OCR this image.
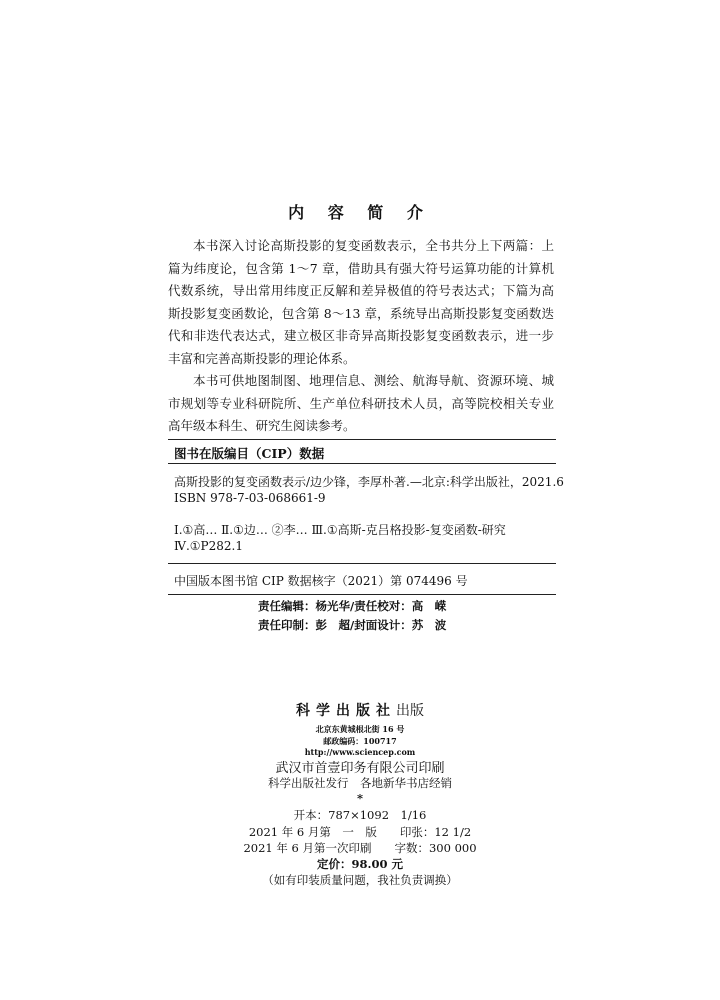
内 容 简 介

本书深入讨论高斯投影的复变函数表示，全书共分上下两篇：上篇为纬度论，包含第 1～7 章，借助具有强大符号运算功能的计算机代数系统，导出常用纬度正反解和差异极值的符号表达式；下篇为高斯投影复变函数论，包含第 8～13 章，系统导出高斯投影复变函数迭代和非迭代表达式，建立极区非奇异高斯投影复变函数表示，进一步丰富和完善高斯投影的理论体系。

本书可供地图制图、地理信息、测绘、航海导航、资源环境、城市规划等专业科研院所、生产单位科研技术人员，高等院校相关专业高年级本科生、研究生阅读参考。

图书在版编目（CIP）数据
高斯投影的复变函数表示/边少锋，李厚朴著.—北京:科学出版社，2021.6
ISBN 978-7-03-068661-9
Ⅰ.①高… Ⅱ.①边… ②李… Ⅲ.①高斯-克吕格投影-复变函数-研究
Ⅳ.①P282.1
中国版本图书馆 CIP 数据核字（2021）第 074496 号
责任编辑：杨光华/责任校对：高　嵘
责任印制：彭　超/封面设计：苏　波
科学出版社出版
北京东黄城根北街 16 号
邮政编码：100717
http://www.sciencep.com
武汉市首壹印务有限公司印刷
科学出版社发行　各地新华书店经销
*
开本：787×1092　1/16
2021 年 6 月第　一　版　　印张：12 1/2
2021 年 6 月第一次印刷　　字数：300 000
定价：98.00 元
（如有印装质量问题，我社负责调换）
